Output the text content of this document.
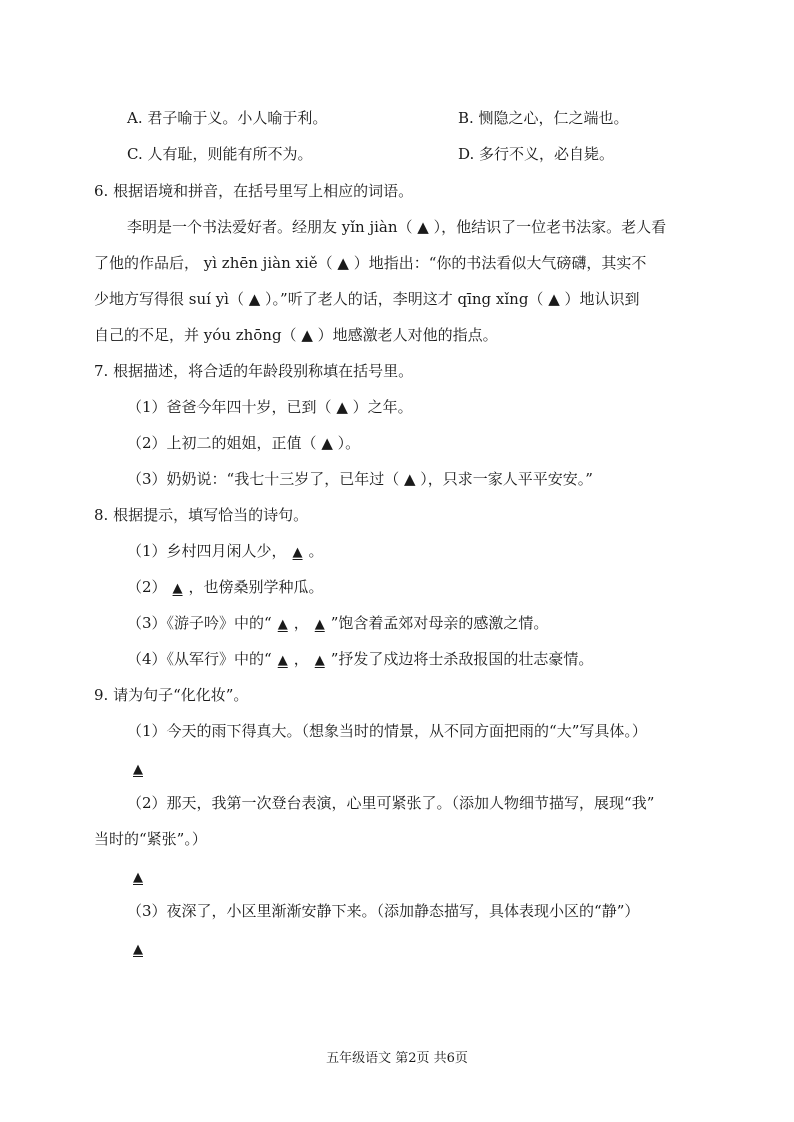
A. 君子喻于义。小人喻于利。	B. 恻隐之心，仁之端也。
C. 人有耻，则能有所不为。	D. 多行不义，必自毙。
6. 根据语境和拼音，在括号里写上相应的词语。
李明是一个书法爱好者。经朋友 yǐn jiàn（ ▲ ），他结识了一位老书法家。老人看
了他的作品后， yì zhēn jiàn xiě（ ▲ ）地指出：“你的书法看似大气磅礴，其实不
少地方写得很 suí yì（ ▲ ）。”听了老人的话，李明这才 qīng xǐng（ ▲ ）地认识到
自己的不足，并 yóu zhōng（ ▲ ）地感激老人对他的指点。
7. 根据描述，将合适的年龄段别称填在括号里。
（1）爸爸今年四十岁，已到（ ▲ ）之年。
（2）上初二的姐姐，正值（ ▲ ）。
（3）奶奶说：“我七十三岁了，已年过（ ▲ ），只求一家人平平安安。”
8. 根据提示，填写恰当的诗句。
（1）乡村四月闲人少， ▲ 。
（2） ▲ ，也傍桑别学种瓜。
（3）《游子吟》中的“ ▲ ， ▲ ”饱含着孟郊对母亲的感激之情。
（4）《从军行》中的“ ▲ ， ▲ ”抒发了戍边将士杀敌报国的壮志豪情。
9. 请为句子“化化妆”。
（1）今天的雨下得真大。（想象当时的情景，从不同方面把雨的“大”写具体。）
▲
（2）那天，我第一次登台表演，心里可紧张了。（添加人物细节描写，展现“我”
当时的“紧张”。）
▲
（3）夜深了，小区里渐渐安静下来。（添加静态描写，具体表现小区的“静”）
▲
五年级语文 第2页 共6页
